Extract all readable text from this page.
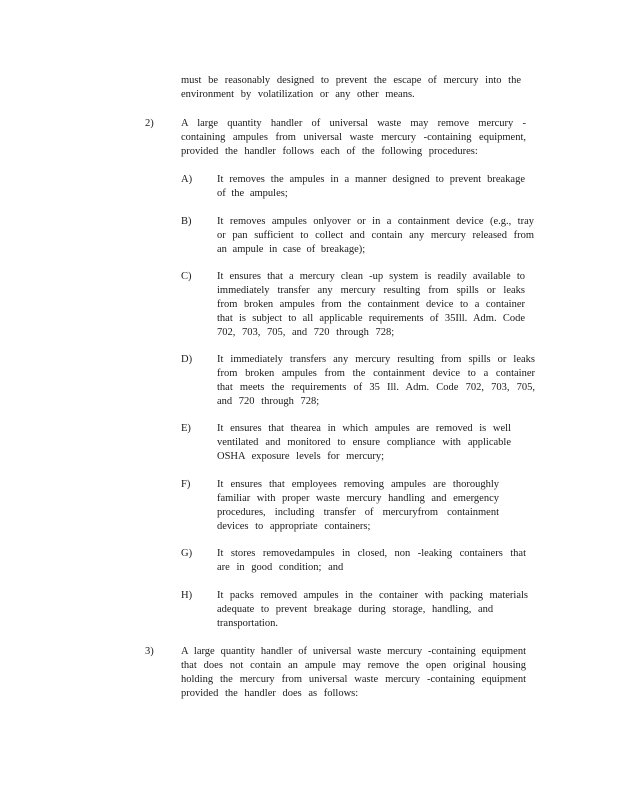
must be reasonably designed to prevent the escape of mercury into the
environment by volatilization or any other means.
2)	A large quantity handler of universal waste may remove mercury -
containing ampules from universal waste mercury -containing equipment,
provided the handler follows each of the following procedures:
A) It removes the ampules in a manner designed to prevent breakage
of the ampules;
B) It removes ampules onlyover or in a containment device (e.g., tray
or pan sufficient to collect and contain any mercury released from
an ampule in case of breakage);
C) It ensures that a mercury clean -up system is readily available to
immediately transfer any mercury resulting from spills or leaks
from broken ampules from the containment device to a container
that is subject to all applicable requirements of 35Ill. Adm. Code
702, 703, 705, and 720 through 728;
D) It immediately transfers any mercury resulting from spills or leaks
from broken ampules from the containment device to a container
that meets the requirements of 35 Ill. Adm. Code 702, 703, 705,
and 720 through 728;
E) It ensures that thearea in which ampules are removed is well
ventilated and monitored to ensure compliance with applicable
OSHA exposure levels for mercury;
F)	It ensures that employees removing ampules are thoroughly
familiar with proper waste mercury handling and emergency
procedures, including transfer of mercuryfrom containment
devices to appropriate containers;
G) It stores removedampules in closed, non -leaking containers that
are in good condition; and
H) It packs removed ampules in the container with packing materials
adequate to prevent breakage during storage, handling, and
transportation.
3)	A large quantity handler of universal waste mercury -containing equipment
that does not contain an ampule may remove the open original housing
holding the mercury from universal waste mercury -containing equipment
provided the handler does as follows:
